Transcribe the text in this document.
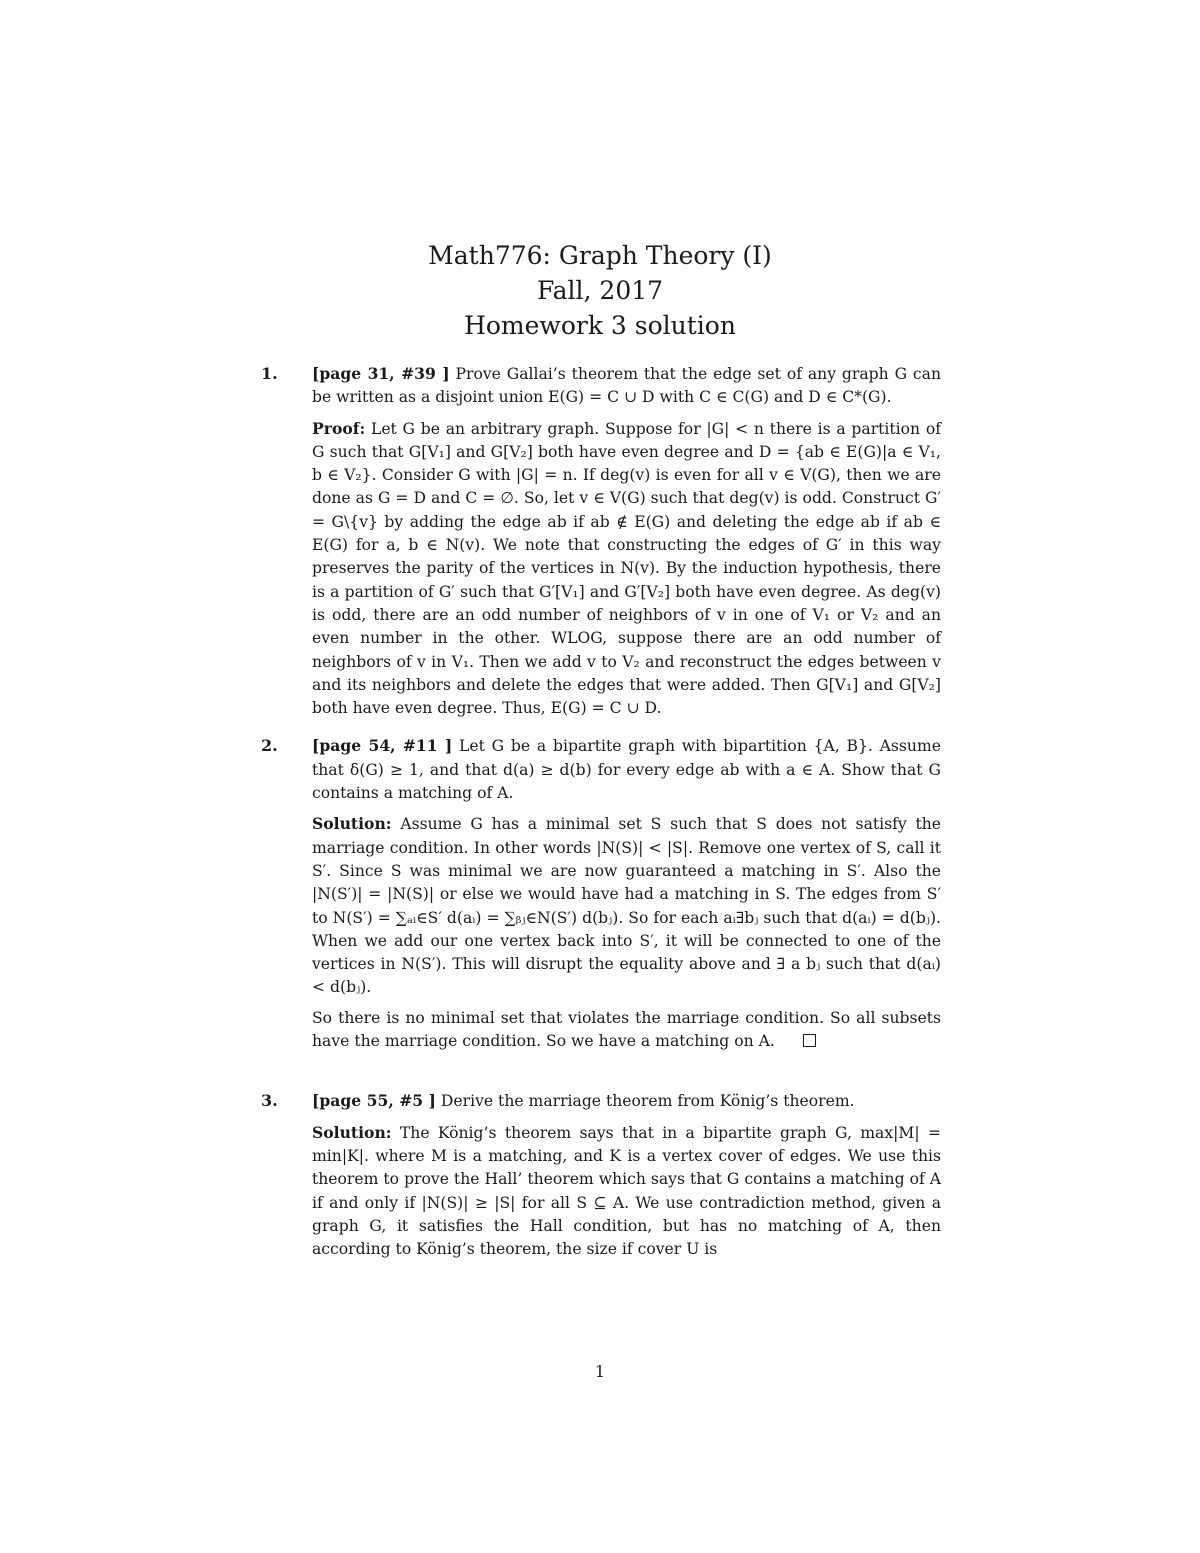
Math776: Graph Theory (I)

Fall, 2017

Homework 3 solution

1. [page 31, #39 ] Prove Gallai’s theorem that the edge set of any graph G can be written as a disjoint union E(G) = C ∪ D with C ∈ C(G) and D ∈ C*(G).

Proof: Let G be an arbitrary graph. Suppose for |G| < n there is a partition of G such that G[V₁] and G[V₂] both have even degree and D = {ab ∈ E(G)|a ∈ V₁, b ∈ V₂}. Consider G with |G| = n. If deg(v) is even for all v ∈ V(G), then we are done as G = D and C = ∅. So, let v ∈ V(G) such that deg(v) is odd. Construct G′ = G\{v} by adding the edge ab if ab ∉ E(G) and deleting the edge ab if ab ∈ E(G) for a, b ∈ N(v). We note that constructing the edges of G′ in this way preserves the parity of the vertices in N(v). By the induction hypothesis, there is a partition of G′ such that G′[V₁] and G′[V₂] both have even degree. As deg(v) is odd, there are an odd number of neighbors of v in one of V₁ or V₂ and an even number in the other. WLOG, suppose there are an odd number of neighbors of v in V₁. Then we add v to V₂ and reconstruct the edges between v and its neighbors and delete the edges that were added. Then G[V₁] and G[V₂] both have even degree. Thus, E(G) = C ∪ D.

2. [page 54, #11 ] Let G be a bipartite graph with bipartition {A, B}. Assume that δ(G) ≥ 1, and that d(a) ≥ d(b) for every edge ab with a ∈ A. Show that G contains a matching of A.

Solution: Assume G has a minimal set S such that S does not satisfy the marriage condition. In other words |N(S)| < |S|. Remove one vertex of S, call it S′. Since S was minimal we are now guaranteed a matching in S′. Also the |N(S′)| = |N(S)| or else we would have had a matching in S. The edges from S′ to N(S′) = ∑ₐᵢ∈S′ d(aᵢ) = ∑ᵦⱼ∈N(S′) d(bⱼ). So for each aᵢ∃bⱼ such that d(aᵢ) = d(bⱼ). When we add our one vertex back into S′, it will be connected to one of the vertices in N(S′). This will disrupt the equality above and ∃ a bⱼ such that d(aᵢ) < d(bⱼ).

So there is no minimal set that violates the marriage condition. So all subsets have the marriage condition. So we have a matching on A.

3. [page 55, #5 ] Derive the marriage theorem from König’s theorem.

Solution: The König’s theorem says that in a bipartite graph G, max|M| = min|K|. where M is a matching, and K is a vertex cover of edges. We use this theorem to prove the Hall’ theorem which says that G contains a matching of A if and only if |N(S)| ≥ |S| for all S ⊆ A. We use contradiction method, given a graph G, it satisfies the Hall condition, but has no matching of A, then according to König’s theorem, the size if cover U is

1
